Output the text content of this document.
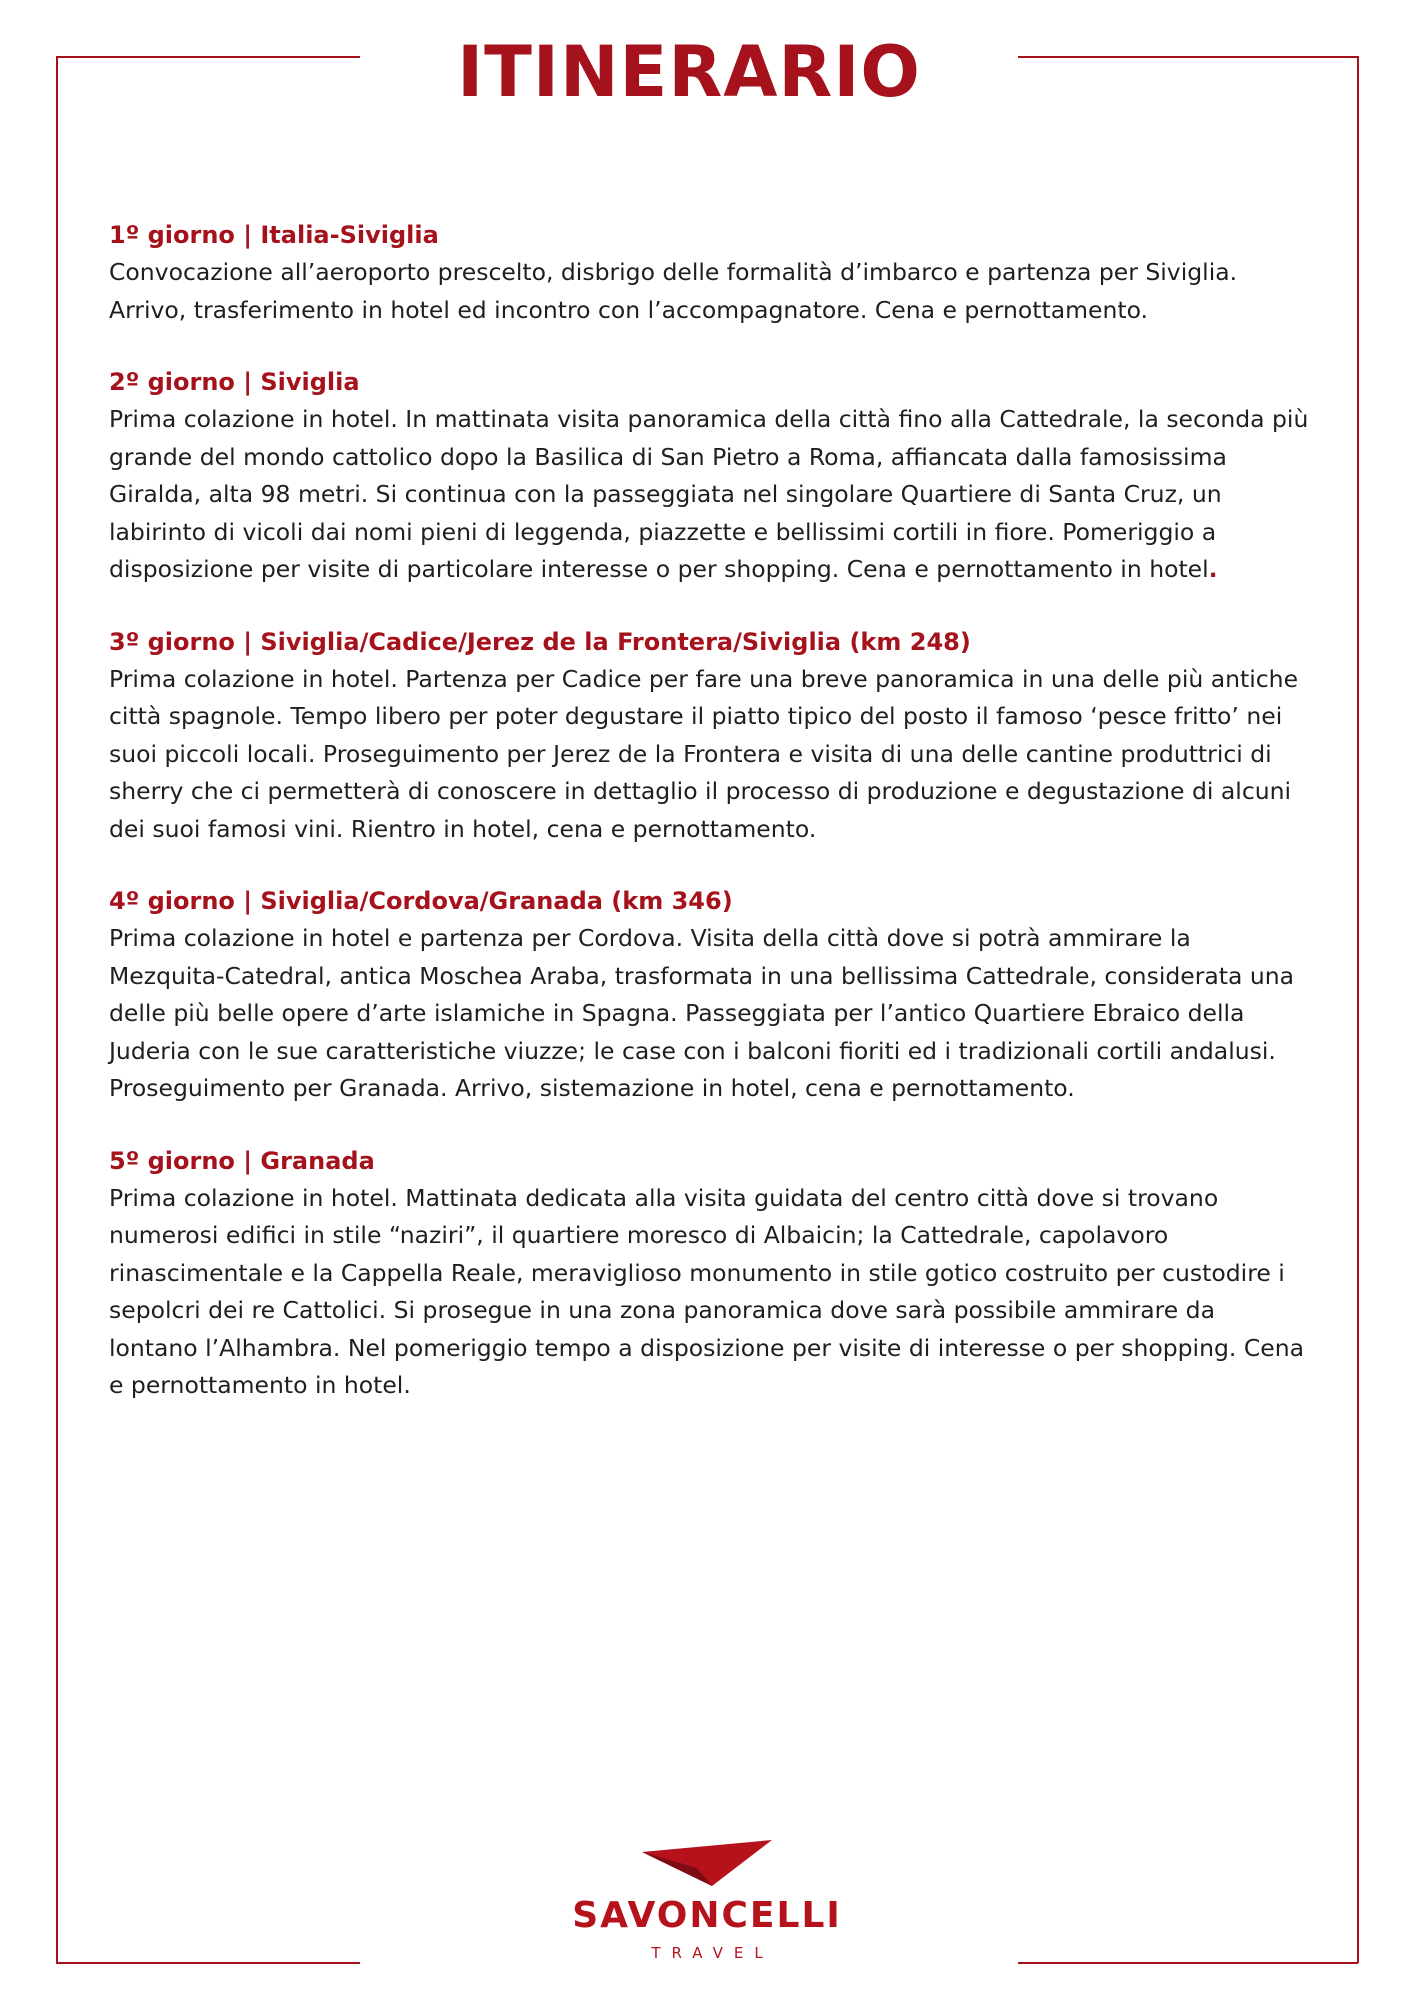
ITINERARIO

1º giorno | Italia-Siviglia

Convocazione all’aeroporto prescelto, disbrigo delle formalità d’imbarco e partenza per Siviglia. Arrivo, trasferimento in hotel ed incontro con l’accompagnatore. Cena e pernottamento.

2º giorno | Siviglia

Prima colazione in hotel. In mattinata visita panoramica della città fino alla Cattedrale, la seconda più grande del mondo cattolico dopo la Basilica di San Pietro a Roma, affiancata dalla famosissima Giralda, alta 98 metri. Si continua con la passeggiata nel singolare Quartiere di Santa Cruz, un labirinto di vicoli dai nomi pieni di leggenda, piazzette e bellissimi cortili in fiore. Pomeriggio a disposizione per visite di particolare interesse o per shopping. Cena e pernottamento in hotel.

3º giorno | Siviglia/Cadice/Jerez de la Frontera/Siviglia (km 248)

Prima colazione in hotel. Partenza per Cadice per fare una breve panoramica in una delle più antiche città spagnole. Tempo libero per poter degustare il piatto tipico del posto il famoso ‘pesce fritto’ nei suoi piccoli locali. Proseguimento per Jerez de la Frontera e visita di una delle cantine produttrici di sherry che ci permetterà di conoscere in dettaglio il processo di produzione e degustazione di alcuni dei suoi famosi vini. Rientro in hotel, cena e pernottamento.

4º giorno | Siviglia/Cordova/Granada (km 346)

Prima colazione in hotel e partenza per Cordova. Visita della città dove si potrà ammirare la Mezquita-Catedral, antica Moschea Araba, trasformata in una bellissima Cattedrale, considerata una delle più belle opere d’arte islamiche in Spagna. Passeggiata per l’antico Quartiere Ebraico della Juderia con le sue caratteristiche viuzze; le case con i balconi fioriti ed i tradizionali cortili andalusi. Proseguimento per Granada. Arrivo, sistemazione in hotel, cena e pernottamento.

5º giorno | Granada

Prima colazione in hotel. Mattinata dedicata alla visita guidata del centro città dove si trovano numerosi edifici in stile “naziri”, il quartiere moresco di Albaicin; la Cattedrale, capolavoro rinascimentale e la Cappella Reale, meraviglioso monumento in stile gotico costruito per custodire i sepolcri dei re Cattolici. Si prosegue in una zona panoramica dove sarà possibile ammirare da lontano l’Alhambra. Nel pomeriggio tempo a disposizione per visite di interesse o per shopping. Cena e pernottamento in hotel.

SAVONCELLI
TRAVEL
